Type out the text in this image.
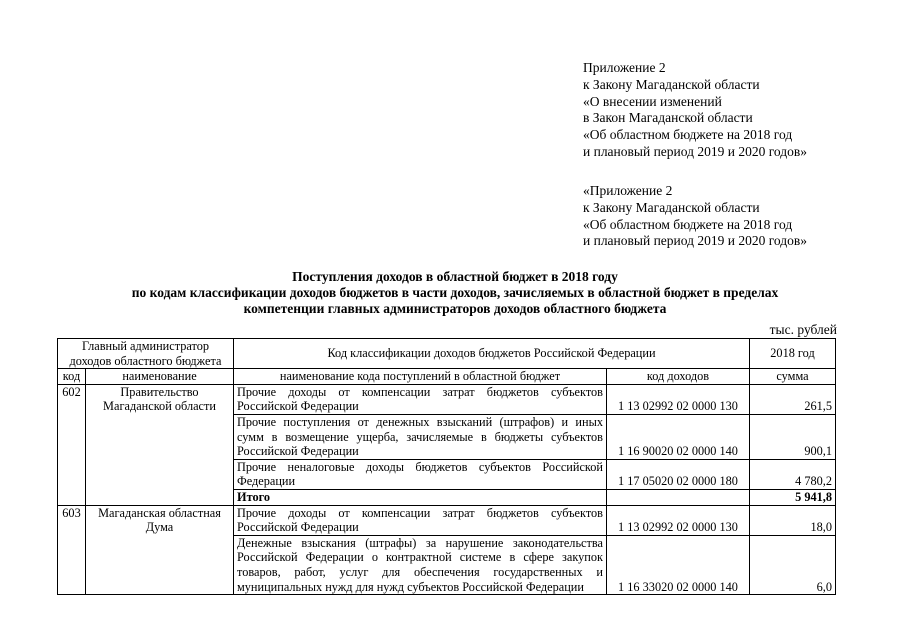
Приложение 2
к Закону Магаданской области
«О внесении изменений
в Закон Магаданской области
«Об областном бюджете на 2018 год
и плановый период 2019 и 2020 годов»
«Приложение 2
к Закону Магаданской области
«Об областном бюджете на 2018 год
и плановый период 2019 и 2020 годов»
Поступления доходов в областной бюджет в 2018 году
по кодам классификации доходов бюджетов в части доходов, зачисляемых в областной бюджет в пределах
компетенции главных администраторов доходов областного бюджета
тыс. рублей
Главный администратор доходов областного бюджета		Код классификации доходов бюджетов Российской Федерации		2018 год
код	наименование	наименование кода поступлений в областной бюджет	код доходов	сумма
602	Правительство Магаданской области	Прочие доходы от компенсации затрат бюджетов субъектов Российской Федерации	1 13 02992 02 0000 130	261,5
		Прочие поступления от денежных взысканий (штрафов) и иных сумм в возмещение ущерба, зачисляемые в бюджеты субъектов Российской Федерации	1 16 90020 02 0000 140	900,1
		Прочие неналоговые доходы бюджетов субъектов Российской Федерации	1 17 05020 02 0000 180	4 780,2
		Итого		5 941,8
603	Магаданская областная Дума	Прочие доходы от компенсации затрат бюджетов субъектов Российской Федерации	1 13 02992 02 0000 130	18,0
		Денежные взыскания (штрафы) за нарушение законодательства Российской Федерации о контрактной системе в сфере закупок товаров, работ, услуг для обеспечения государственных и муниципальных нужд для нужд субъектов Российской Федерации	1 16 33020 02 0000 140	6,0
